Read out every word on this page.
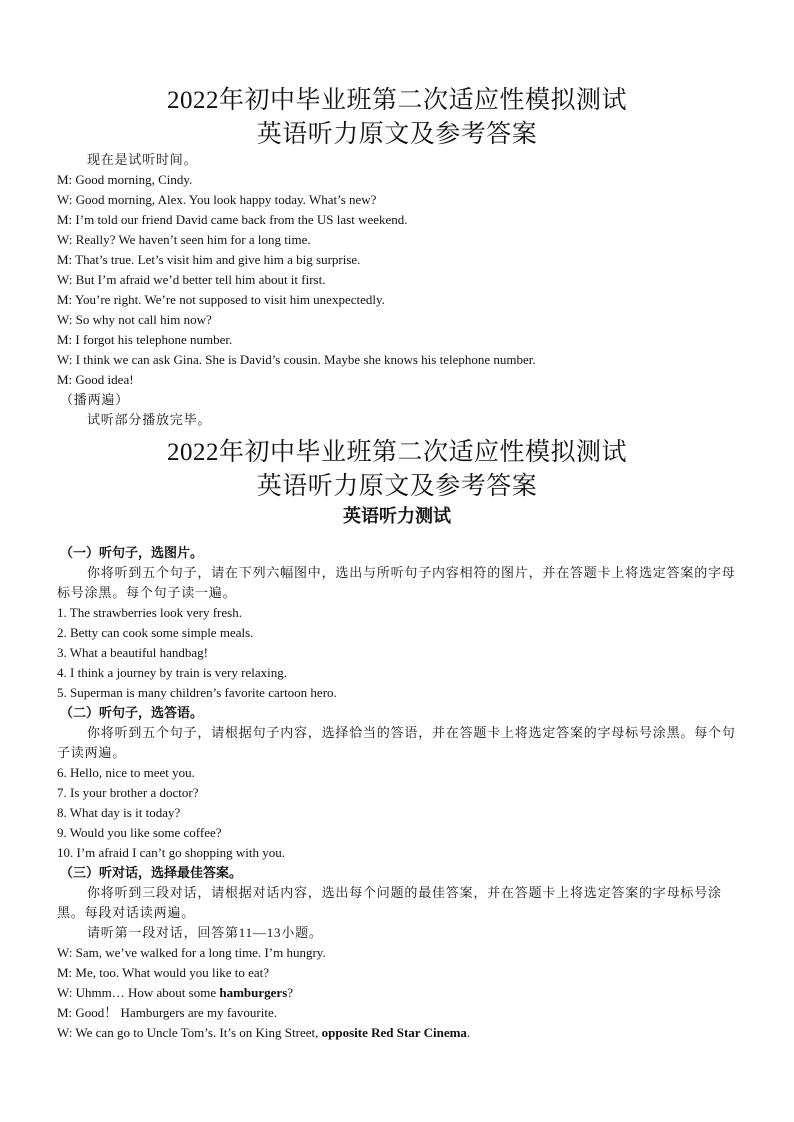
2022年初中毕业班第二次适应性模拟测试
英语听力原文及参考答案
现在是试听时间。
M: Good morning, Cindy.
W: Good morning, Alex. You look happy today. What’s new?
M: I’m told our friend David came back from the US last weekend.
W: Really? We haven’t seen him for a long time.
M: That’s true. Let’s visit him and give him a big surprise.
W: But I’m afraid we’d better tell him about it first.
M: You’re right. We’re not supposed to visit him unexpectedly.
W: So why not call him now?
M: I forgot his telephone number.
W: I think we can ask Gina. She is David’s cousin. Maybe she knows his telephone number.
M: Good idea!
（播两遍）
试听部分播放完毕。
2022年初中毕业班第二次适应性模拟测试
英语听力原文及参考答案
英语听力测试
（一）听句子，选图片。
你将听到五个句子，请在下列六幅图中，选出与所听句子内容相符的图片，并在答题卡上将选定答案的字母标号涂黑。每个句子读一遍。
1. The strawberries look very fresh.
2. Betty can cook some simple meals.
3. What a beautiful handbag!
4. I think a journey by train is very relaxing.
5. Superman is many children’s favorite cartoon hero.
（二）听句子，选答语。
你将听到五个句子，请根据句子内容，选择恰当的答语，并在答题卡上将选定答案的字母标号涂黑。每个句子读两遍。
6. Hello, nice to meet you.
7. Is your brother a doctor?
8. What day is it today?
9. Would you like some coffee?
10. I’m afraid I can’t go shopping with you.
（三）听对话，选择最佳答案。
你将听到三段对话，请根据对话内容，选出每个问题的最佳答案，并在答题卡上将选定答案的字母标号涂黑。每段对话读两遍。
请听第一段对话，回答第11—13小题。
W: Sam, we’ve walked for a long time. I’m hungry.
M: Me, too. What would you like to eat?
W: Uhmm… How about some hamburgers?
M: Good！ Hamburgers are my favourite.
W: We can go to Uncle Tom’s. It’s on King Street, opposite Red Star Cinema.
